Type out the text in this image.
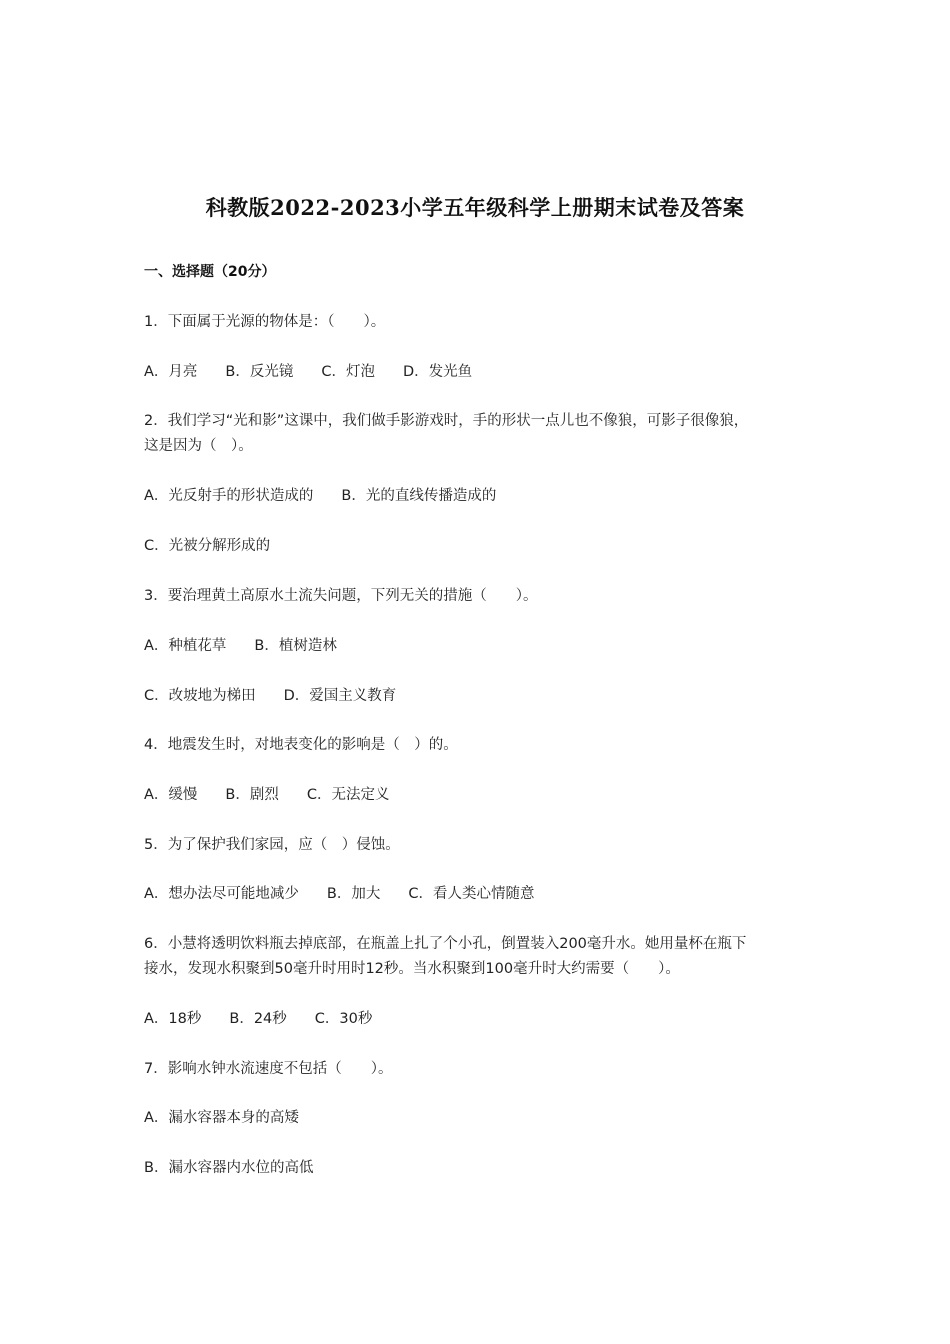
科教版2022-2023小学五年级科学上册期末试卷及答案
一、选择题（20分）
1．下面属于光源的物体是：（　　）。
A．月亮 B．反光镜 C．灯泡 D．发光鱼
2．我们学习“光和影”这课中，我们做手影游戏时，手的形状一点儿也不像狼，可影子很像狼，
这是因为（　）。
A．光反射手的形状造成的 B．光的直线传播造成的
C．光被分解形成的
3．要治理黄土高原水土流失问题，下列无关的措施（　　）。
A．种植花草 B．植树造林
C．改坡地为梯田 D．爱国主义教育
4．地震发生时，对地表变化的影响是（　）的。
A．缓慢 B．剧烈 C．无法定义
5．为了保护我们家园，应（　）侵蚀。
A．想办法尽可能地减少 B．加大 C．看人类心情随意
6．小慧将透明饮料瓶去掉底部，在瓶盖上扎了个小孔，倒置装入200毫升水。她用量杯在瓶下
接水，发现水积聚到50毫升时用时12秒。当水积聚到100毫升时大约需要（　　）。
A．18秒 B．24秒 C．30秒
7．影响水钟水流速度不包括（　　）。
A．漏水容器本身的高矮
B．漏水容器内水位的高低
